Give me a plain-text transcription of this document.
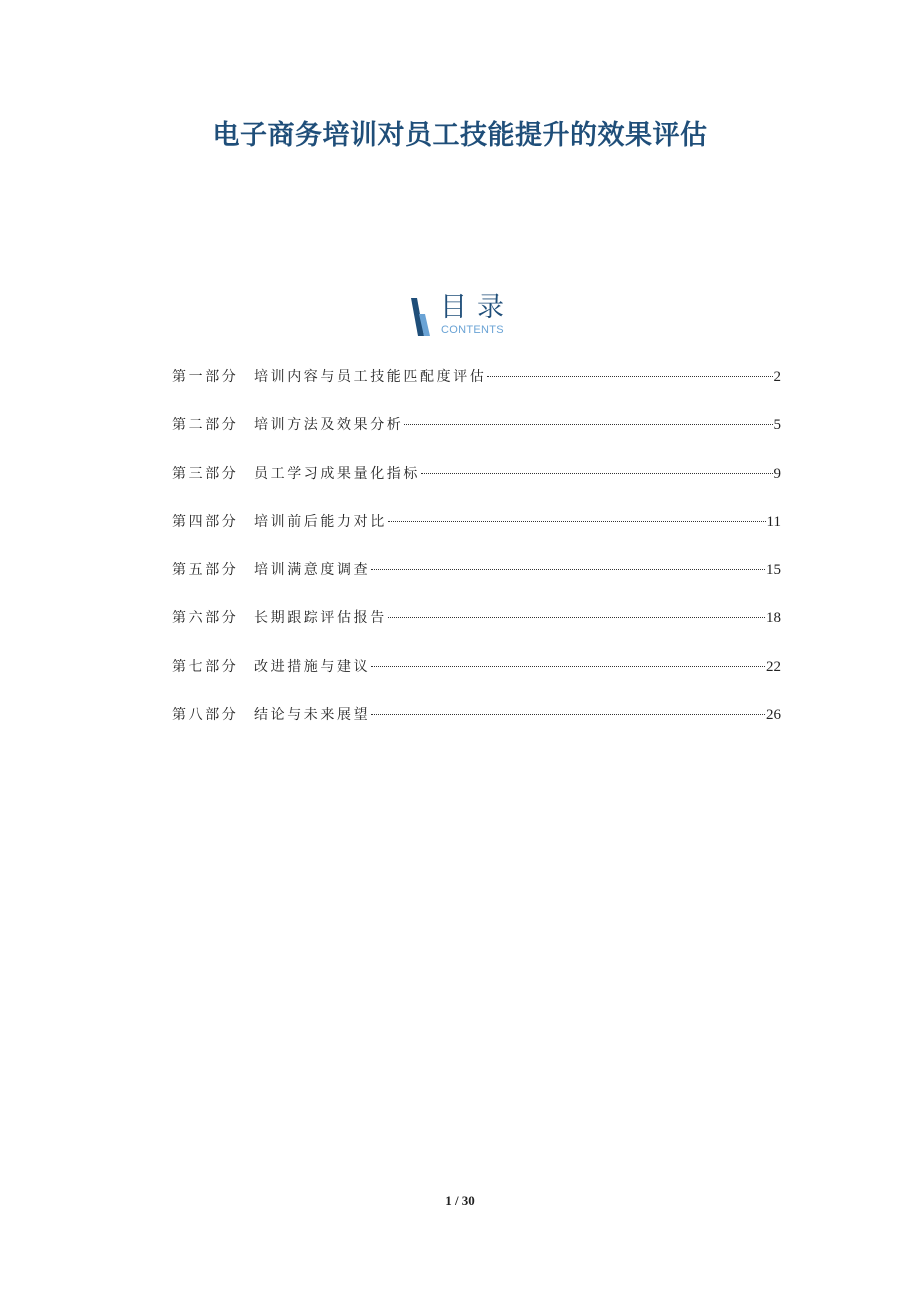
电子商务培训对员工技能提升的效果评估
目录
CONTENTS
第一部分	培训内容与员工技能匹配度评估	2
第二部分	培训方法及效果分析	5
第三部分	员工学习成果量化指标	9
第四部分	培训前后能力对比	11
第五部分	培训满意度调查	15
第六部分	长期跟踪评估报告	18
第七部分	改进措施与建议	22
第八部分	结论与未来展望	26
1 / 30
